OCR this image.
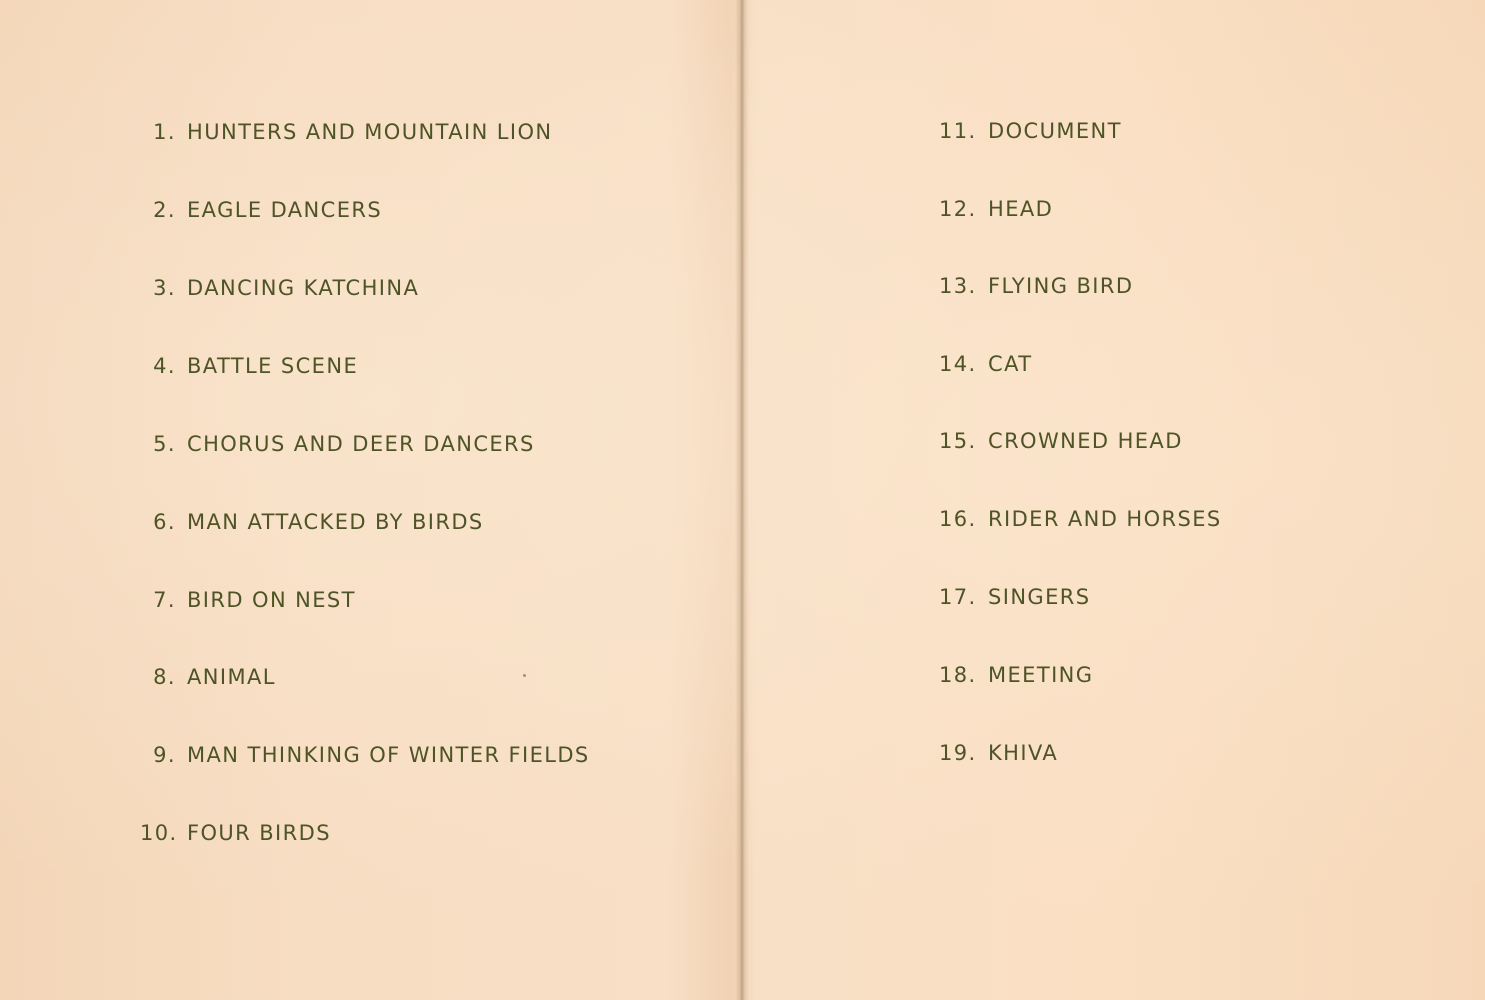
1. HUNTERS AND MOUNTAIN LION
2. EAGLE DANCERS
3. DANCING KATCHINA
4. BATTLE SCENE
5. CHORUS AND DEER DANCERS
6. MAN ATTACKED BY BIRDS
7. BIRD ON NEST
8. ANIMAL
9. MAN THINKING OF WINTER FIELDS
10. FOUR BIRDS
11. DOCUMENT
12. HEAD
13. FLYING BIRD
14. CAT
15. CROWNED HEAD
16. RIDER AND HORSES
17. SINGERS
18. MEETING
19. KHIVA
